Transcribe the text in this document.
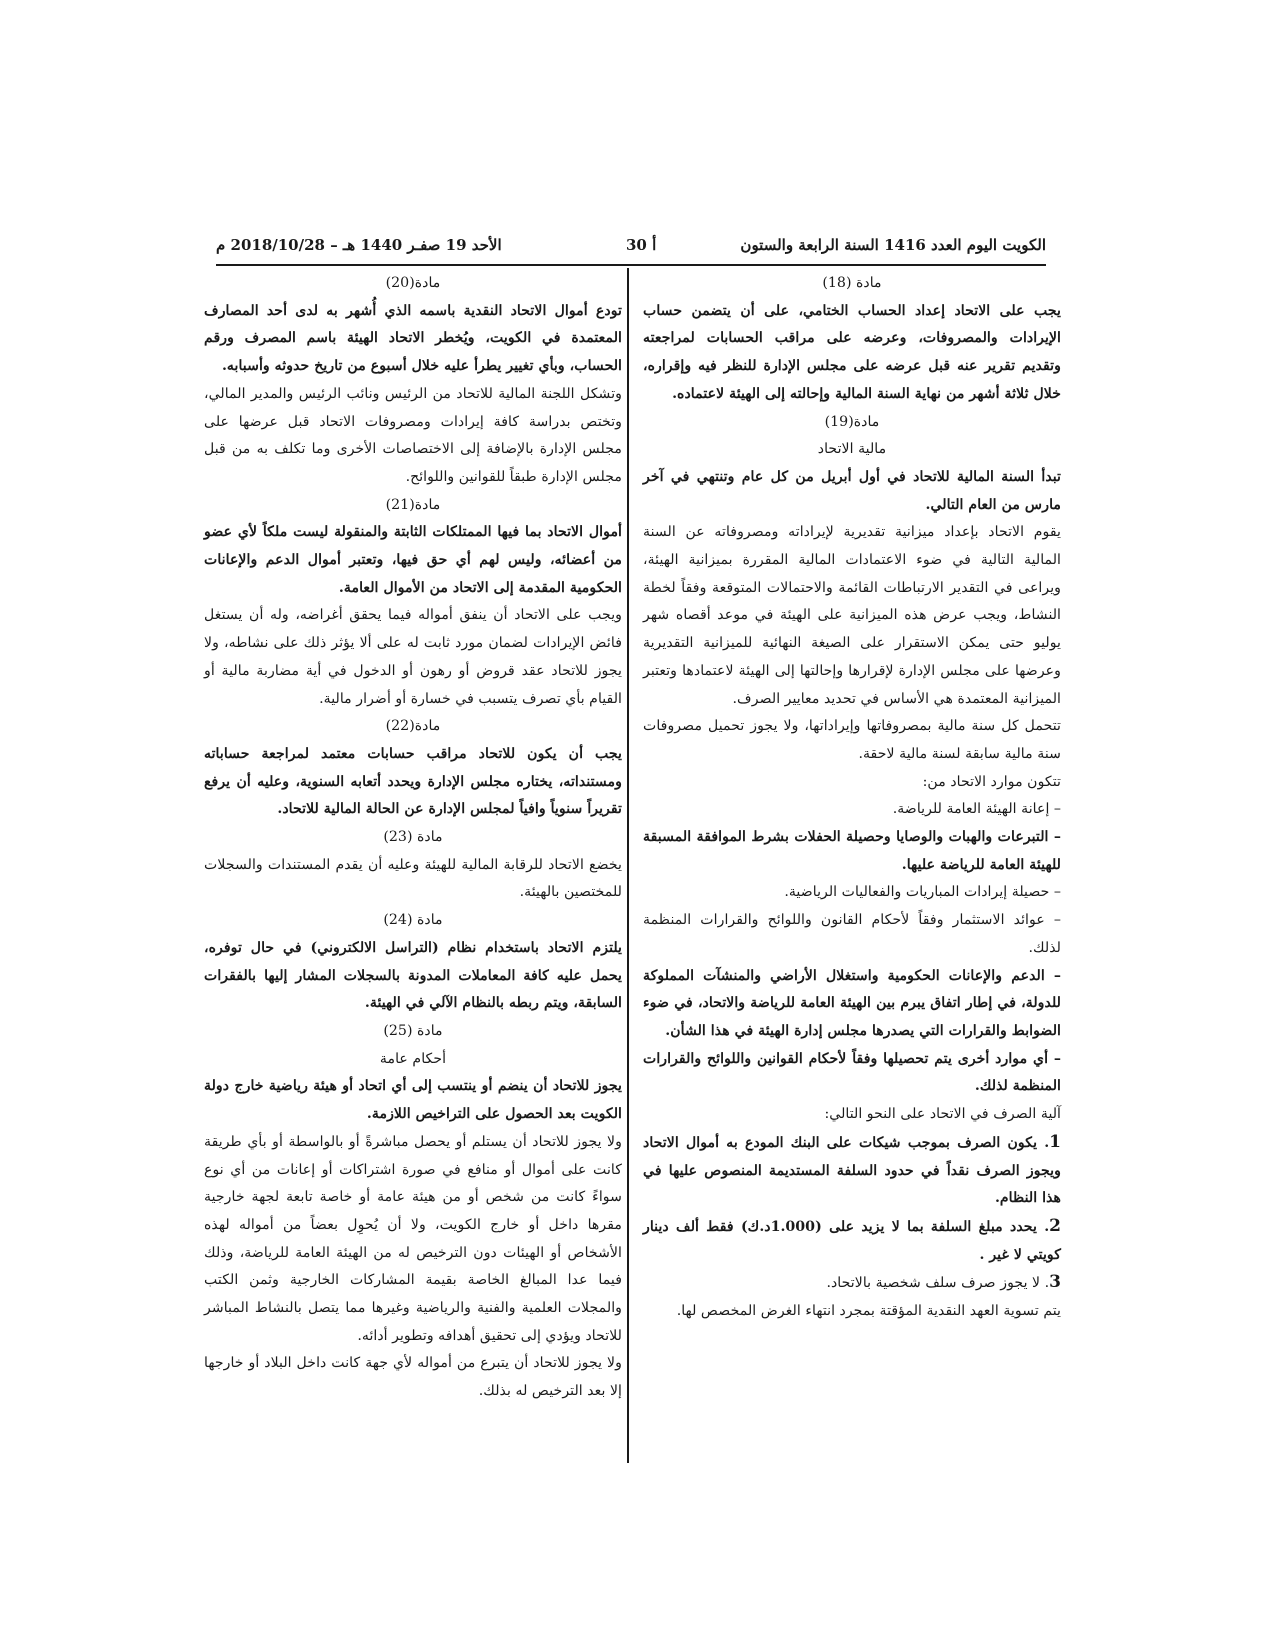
الكويت اليوم العدد 1416 السنة الرابعة والستون
30 أ
الأحد 19 صفـر 1440 هـ – 2018/10/28 م

مادة (18)

يجب على الاتحاد إعداد الحساب الختامي، على أن يتضمن حساب الإيرادات والمصروفات، وعرضه على مراقب الحسابات لمراجعته وتقديم تقرير عنه قبل عرضه على مجلس الإدارة للنظر فيه وإقراره، خلال ثلاثة أشهر من نهاية السنة المالية وإحالته إلى الهيئة لاعتماده.

مادة(19)

مالية الاتحاد

تبدأ السنة المالية للاتحاد في أول أبريل من كل عام وتنتهي في آخر مارس من العام التالي.

يقوم الاتحاد بإعداد ميزانية تقديرية لإيراداته ومصروفاته عن السنة المالية التالية في ضوء الاعتمادات المالية المقررة بميزانية الهيئة، ويراعى في التقدير الارتباطات القائمة والاحتمالات المتوقعة وفقاً لخطة النشاط، ويجب عرض هذه الميزانية على الهيئة في موعد أقصاه شهر يوليو حتى يمكن الاستقرار على الصيغة النهائية للميزانية التقديرية وعرضها على مجلس الإدارة لإقرارها وإحالتها إلى الهيئة لاعتمادها وتعتبر الميزانية المعتمدة هي الأساس في تحديد معايير الصرف.

تتحمل كل سنة مالية بمصروفاتها وإيراداتها، ولا يجوز تحميل مصروفات سنة مالية سابقة لسنة مالية لاحقة.

تتكون موارد الاتحاد من:

– إعانة الهيئة العامة للرياضة.

– التبرعات والهبات والوصايا وحصيلة الحفلات بشرط الموافقة المسبقة للهيئة العامة للرياضة عليها.

– حصيلة إيرادات المباريات والفعاليات الرياضية.

– عوائد الاستثمار وفقاً لأحكام القانون واللوائح والقرارات المنظمة لذلك.

– الدعم والإعانات الحكومية واستغلال الأراضي والمنشآت المملوكة للدولة، في إطار اتفاق يبرم بين الهيئة العامة للرياضة والاتحاد، في ضوء الضوابط والقرارات التي يصدرها مجلس إدارة الهيئة في هذا الشأن.

– أي موارد أخرى يتم تحصيلها وفقاً لأحكام القوانين واللوائح والقرارات المنظمة لذلك.

آلية الصرف في الاتحاد على النحو التالي:

1. يكون الصرف بموجب شيكات على البنك المودع به أموال الاتحاد ويجوز الصرف نقداً في حدود السلفة المستديمة المنصوص عليها في هذا النظام.

2. يحدد مبلغ السلفة بما لا يزيد على (1.000د.ك) فقط ألف دينار كويتي لا غير .

3. لا يجوز صرف سلف شخصية بالاتحاد.

يتم تسوية العهد النقدية المؤقتة بمجرد انتهاء الغرض المخصص لها.

مادة(20)

تودع أموال الاتحاد النقدية باسمه الذي أُشهر به لدى أحد المصارف المعتمدة في الكويت، ويُخطر الاتحاد الهيئة باسم المصرف ورقم الحساب، وبأي تغيير يطرأ عليه خلال أسبوع من تاريخ حدوثه وأسبابه.

وتشكل اللجنة المالية للاتحاد من الرئيس ونائب الرئيس والمدير المالي، وتختص بدراسة كافة إيرادات ومصروفات الاتحاد قبل عرضها على مجلس الإدارة بالإضافة إلى الاختصاصات الأخرى وما تكلف به من قبل مجلس الإدارة طبقاً للقوانين واللوائح.

مادة(21)

أموال الاتحاد بما فيها الممتلكات الثابتة والمنقولة ليست ملكاً لأي عضو من أعضائه، وليس لهم أي حق فيها، وتعتبر أموال الدعم والإعانات الحكومية المقدمة إلى الاتحاد من الأموال العامة.

ويجب على الاتحاد أن ينفق أمواله فيما يحقق أغراضه، وله أن يستغل فائض الإيرادات لضمان مورد ثابت له على ألا يؤثر ذلك على نشاطه، ولا يجوز للاتحاد عقد قروض أو رهون أو الدخول في أية مضاربة مالية أو القيام بأي تصرف يتسبب في خسارة أو أضرار مالية.

مادة(22)

يجب أن يكون للاتحاد مراقب حسابات معتمد لمراجعة حساباته ومستنداته، يختاره مجلس الإدارة ويحدد أتعابه السنوية، وعليه أن يرفع تقريراً سنوياً وافياً لمجلس الإدارة عن الحالة المالية للاتحاد.

مادة (23)

يخضع الاتحاد للرقابة المالية للهيئة وعليه أن يقدم المستندات والسجلات للمختصين بالهيئة.

مادة (24)

يلتزم الاتحاد باستخدام نظام (التراسل الالكتروني) في حال توفره، يحمل عليه كافة المعاملات المدونة بالسجلات المشار إليها بالفقرات السابقة، ويتم ربطه بالنظام الآلي في الهيئة.

مادة (25)

أحكام عامة

يجوز للاتحاد أن ينضم أو ينتسب إلى أي اتحاد أو هيئة رياضية خارج دولة الكويت بعد الحصول على التراخيص اللازمة.

ولا يجوز للاتحاد أن يستلم أو يحصل مباشرةً أو بالواسطة أو بأي طريقة كانت على أموال أو منافع في صورة اشتراكات أو إعانات من أي نوع سواءً كانت من شخص أو من هيئة عامة أو خاصة تابعة لجهة خارجية مقرها داخل أو خارج الكويت، ولا أن يُحوِل بعضاً من أمواله لهذه الأشخاص أو الهيئات دون الترخيص له من الهيئة العامة للرياضة، وذلك فيما عدا المبالغ الخاصة بقيمة المشاركات الخارجية وثمن الكتب والمجلات العلمية والفنية والرياضية وغيرها مما يتصل بالنشاط المباشر للاتحاد ويؤدي إلى تحقيق أهدافه وتطوير أدائه.

ولا يجوز للاتحاد أن يتبرع من أمواله لأي جهة كانت داخل البلاد أو خارجها إلا بعد الترخيص له بذلك.
